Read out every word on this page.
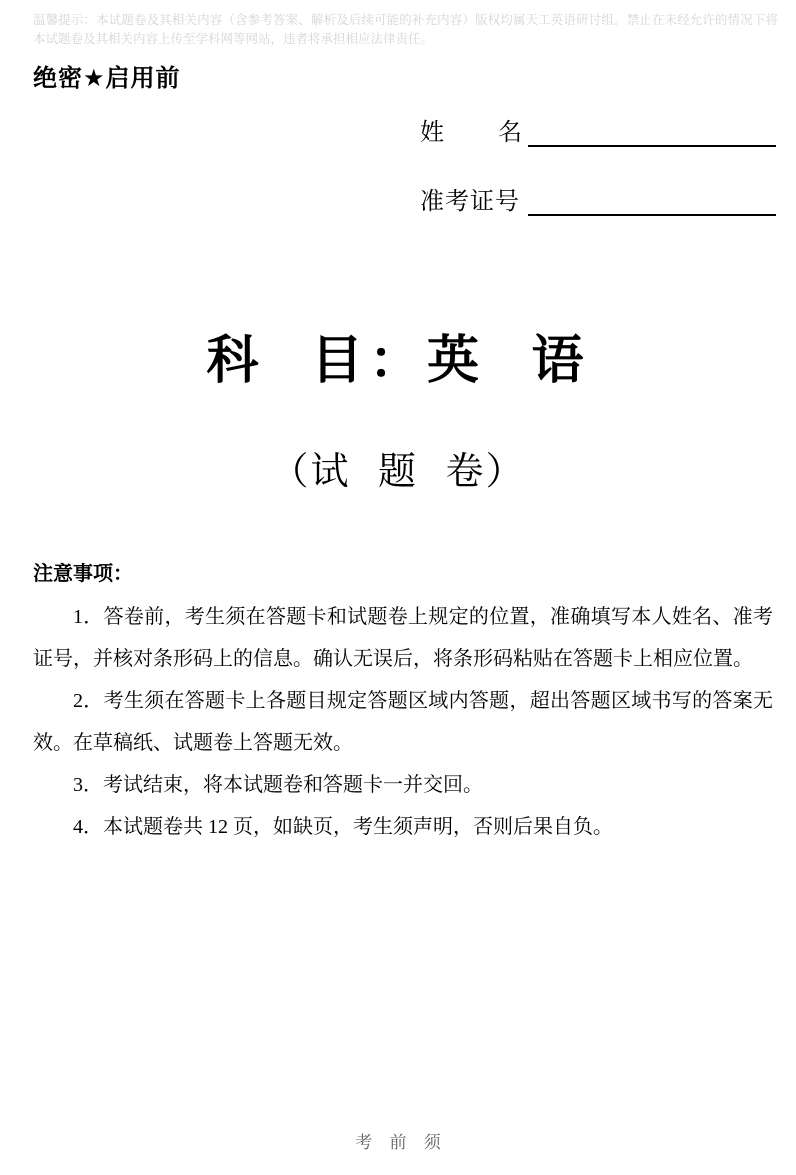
温馨提示：本试题卷及其相关内容（含参考答案、解析及后续可能的补充内容）版权均属天工英语研讨组。禁止在未经允许的情况下将本试题卷及其相关内容上传至学科网等网站，违者将承担相应法律责任。
绝密★启用前
姓 名
准考证号
科 目：英 语
（试 题 卷）
注意事项：

1．答卷前，考生须在答题卡和试题卷上规定的位置，准确填写本人姓名、准考证号，并核对条形码上的信息。确认无误后，将条形码粘贴在答题卡上相应位置。

2．考生须在答题卡上各题目规定答题区域内答题，超出答题区域书写的答案无效。在草稿纸、试题卷上答题无效。

3．考试结束，将本试题卷和答题卡一并交回。

4．本试题卷共 12 页，如缺页，考生须声明，否则后果自负。

考 前 须
